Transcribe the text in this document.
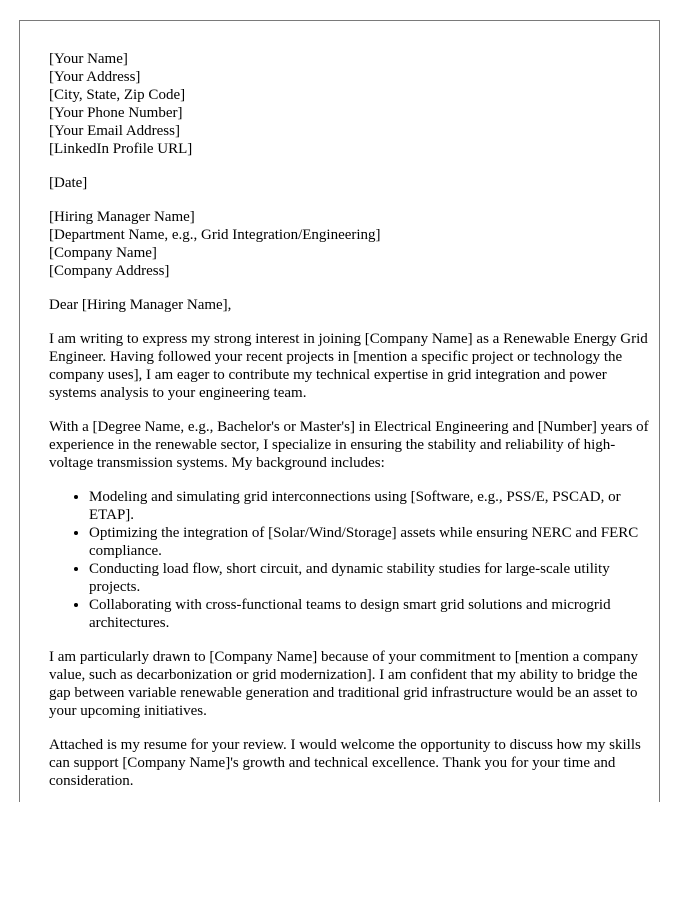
[Your Name]
[Your Address]
[City, State, Zip Code]
[Your Phone Number]
[Your Email Address]
[LinkedIn Profile URL]
[Date]
[Hiring Manager Name]
[Department Name, e.g., Grid Integration/Engineering]
[Company Name]
[Company Address]

Dear [Hiring Manager Name],

I am writing to express my strong interest in joining [Company Name] as a Renewable Energy Grid Engineer. Having followed your recent projects in [mention a specific project or technology the company uses], I am eager to contribute my technical expertise in grid integration and power systems analysis to your engineering team.

With a [Degree Name, e.g., Bachelor's or Master's] in Electrical Engineering and [Number] years of experience in the renewable sector, I specialize in ensuring the stability and reliability of high-voltage transmission systems. My background includes:

• Modeling and simulating grid interconnections using [Software, e.g., PSS/E, PSCAD, or ETAP].
• Optimizing the integration of [Solar/Wind/Storage] assets while ensuring NERC and FERC compliance.
• Conducting load flow, short circuit, and dynamic stability studies for large-scale utility projects.
• Collaborating with cross-functional teams to design smart grid solutions and microgrid architectures.

I am particularly drawn to [Company Name] because of your commitment to [mention a company value, such as decarbonization or grid modernization]. I am confident that my ability to bridge the gap between variable renewable generation and traditional grid infrastructure would be an asset to your upcoming initiatives.

Attached is my resume for your review. I would welcome the opportunity to discuss how my skills can support [Company Name]'s growth and technical excellence. Thank you for your time and consideration.
